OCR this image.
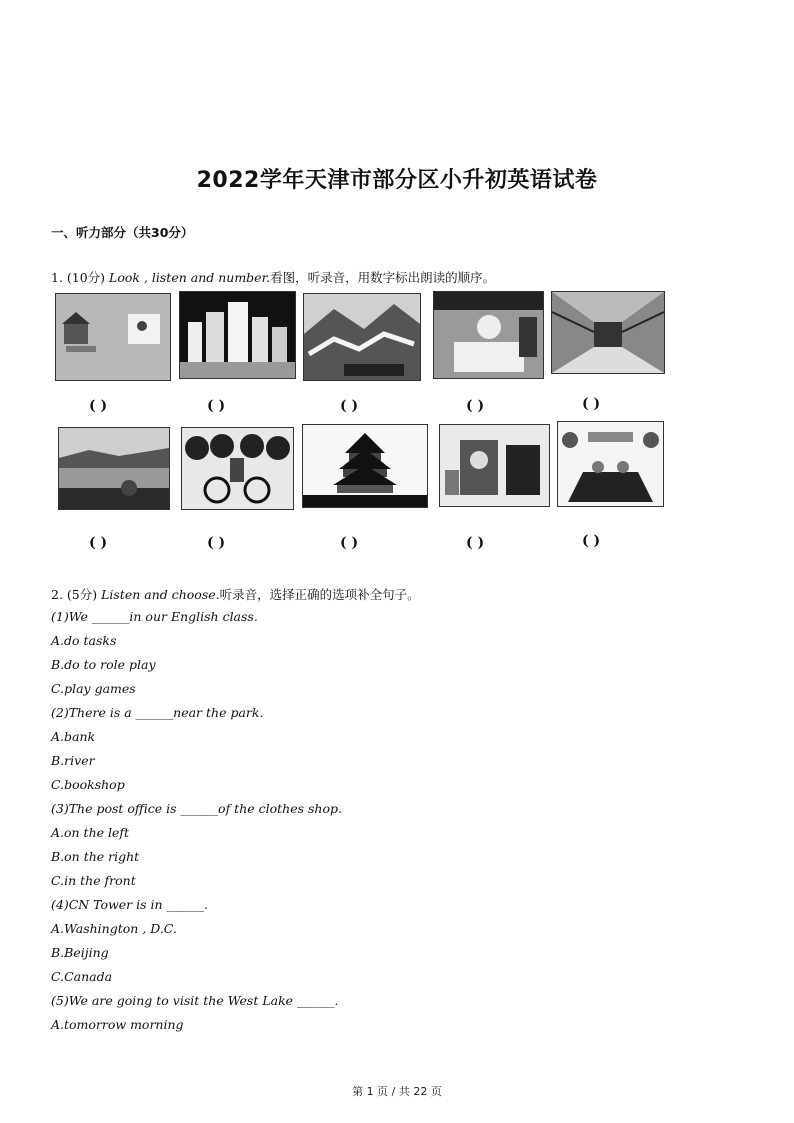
2022学年天津市部分区小升初英语试卷
一、听力部分（共30分）
1. (10分) Look , listen and number.看图，听录音，用数字标出朗读的顺序。
( )	( )	( )	( )	( )
( )	( )	( )	( )	( )
2. (5分) Listen and choose.听录音，选择正确的选项补全句子。
(1)We ______in our English class.
A.do tasks
B.do to role play
C.play games
(2)There is a ______near the park.
A.bank
B.river
C.bookshop
(3)The post office is ______of the clothes shop.
A.on the left
B.on the right
C.in the front
(4)CN Tower is in ______.
A.Washington , D.C.
B.Beijing
C.Canada
(5)We are going to visit the West Lake ______.
A.tomorrow morning
第 1 页 / 共 22 页
